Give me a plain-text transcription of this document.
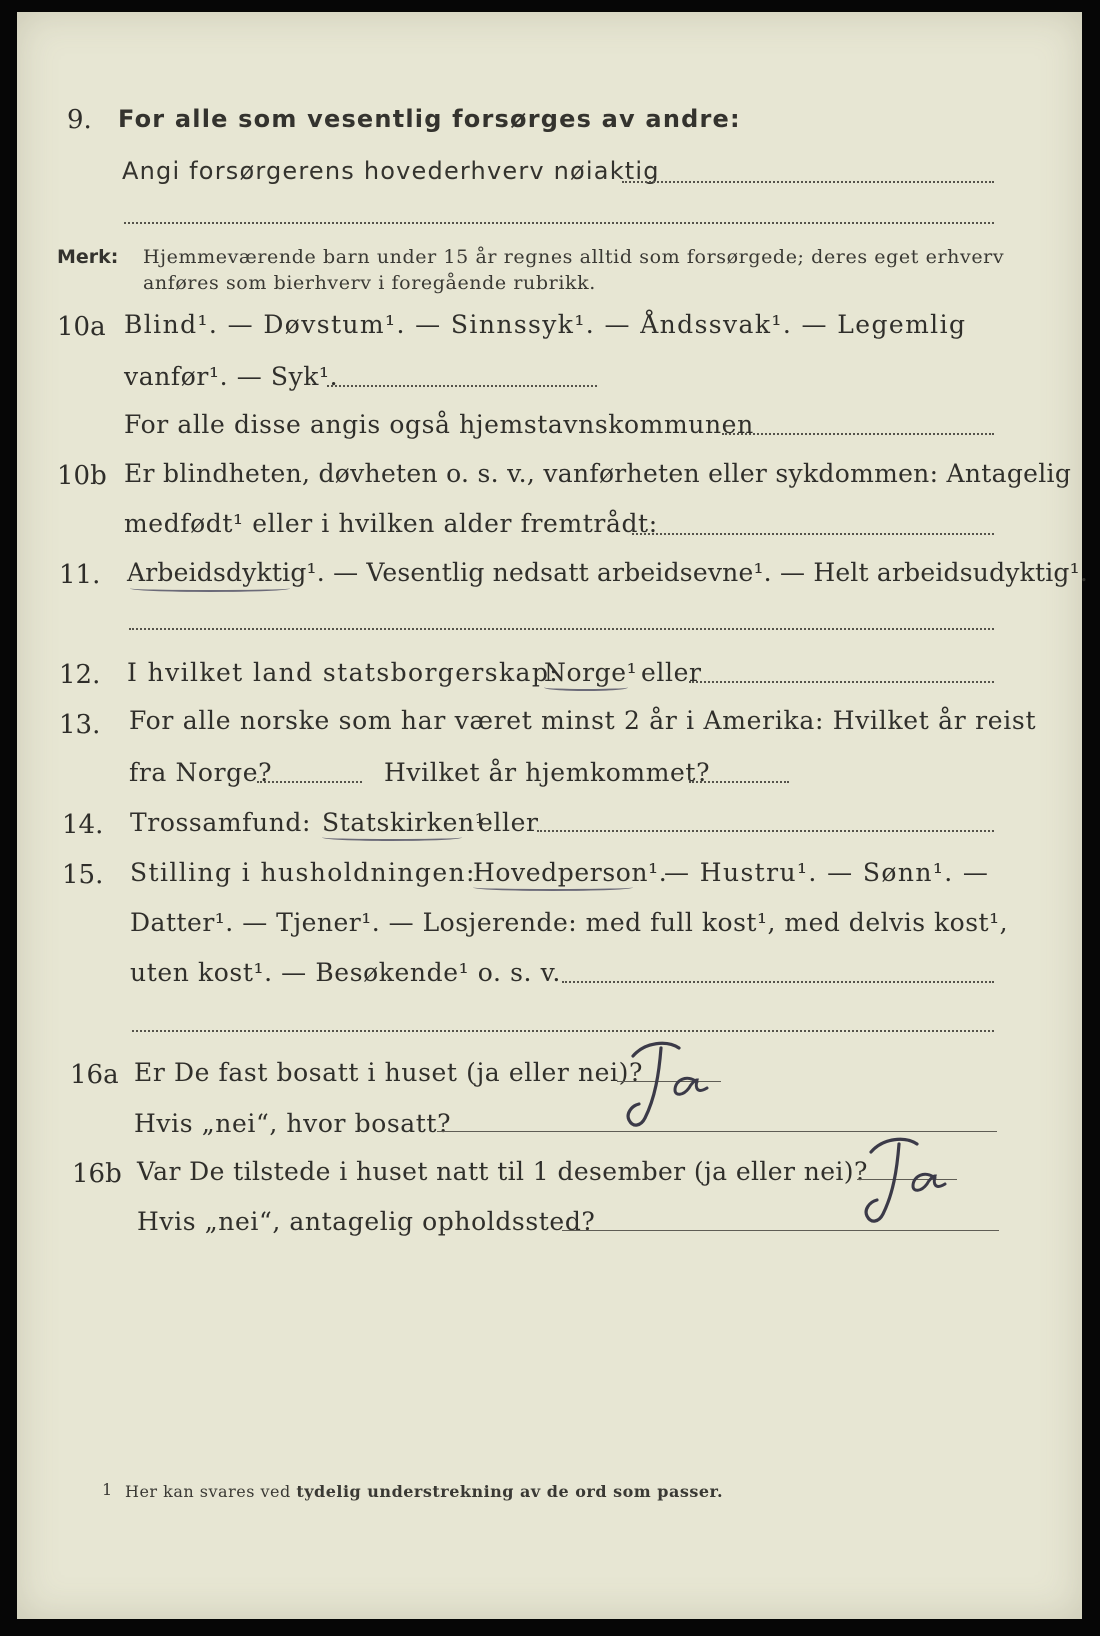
9. For alle som vesentlig forsørges av andre:
Angi forsørgerens hovederhverv nøiaktig
Merk: Hjemmeværende barn under 15 år regnes alltid som forsørgede; deres eget erhverv
anføres som bierhverv i foregående rubrikk.
10a Blind¹. — Døvstum¹. — Sinnssyk¹. — Åndssvak¹. — Legemlig
vanfør¹. — Syk¹.
For alle disse angis også hjemstavnskommunen
10b Er blindheten, døvheten o. s. v., vanførheten eller sykdommen: Antagelig
medfødt¹ eller i hvilken alder fremtrådt:
11. Arbeidsdyktig¹. — Vesentlig nedsatt arbeidsevne¹. — Helt arbeidsudyktig¹.
12. I hvilket land statsborgerskap:
Norge¹ eller
13. For alle norske som har været minst 2 år i Amerika: Hvilket år reist
fra Norge?	Hvilket år hjemkommet?
14. Trossamfund: Statskirken¹
eller
15. Stilling i husholdningen:
Hovedperson¹.
— Hustru¹. — Sønn¹. —
Datter¹. — Tjener¹. — Losjerende: med full kost¹, med delvis kost¹,
uten kost¹. — Besøkende¹ o. s. v.
16a Er De fast bosatt i huset (ja eller nei)?
Hvis „nei“, hvor bosatt?
16b Var De tilstede i huset natt til 1 desember (ja eller nei)?
Hvis „nei“, antagelig opholdssted?
1 Her kan svares ved tydelig understrekning av de ord som passer.
